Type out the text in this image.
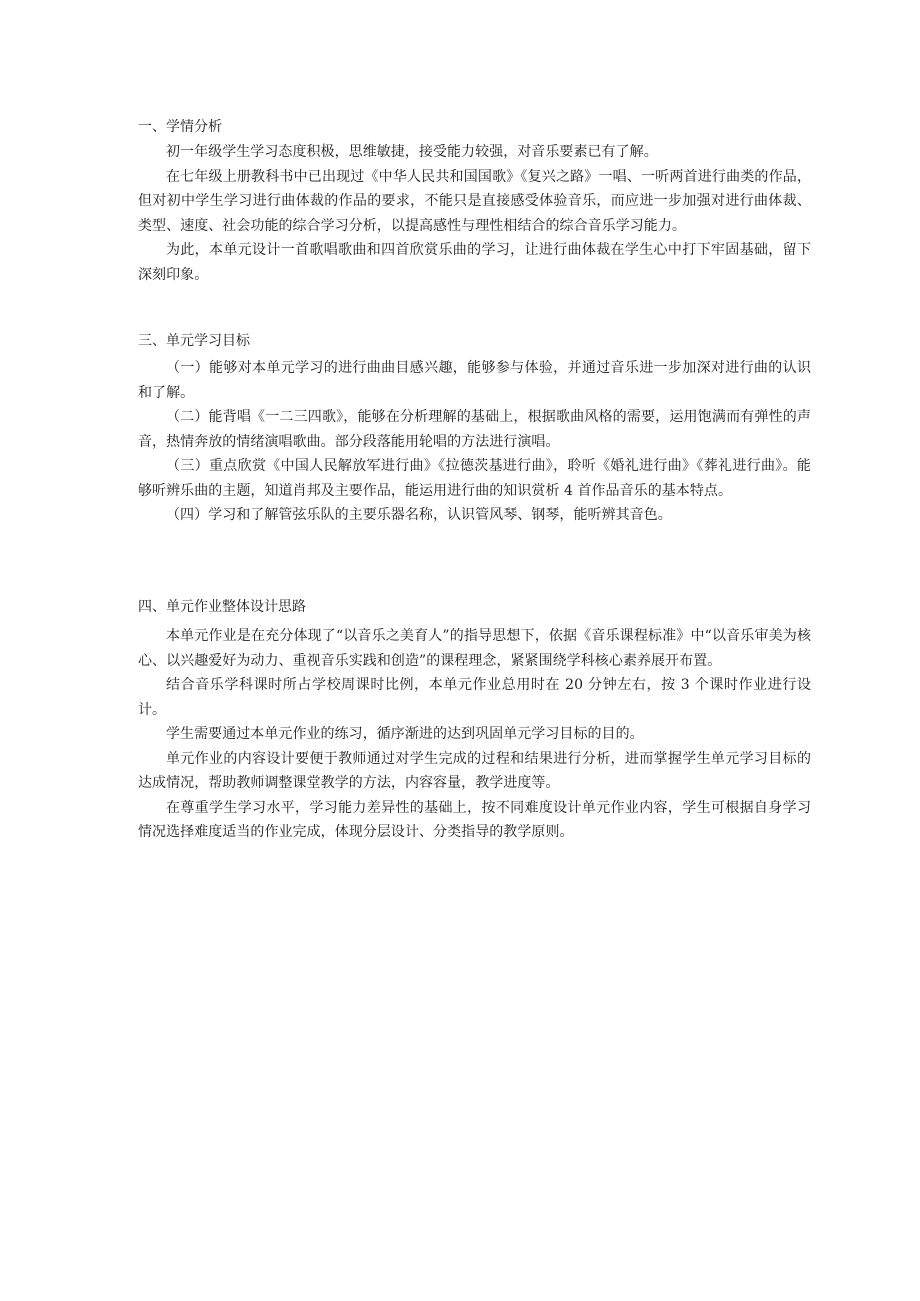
一、学情分析

初一年级学生学习态度积极，思维敏捷，接受能力较强，对音乐要素已有了解。

在七年级上册教科书中已出现过《中华人民共和国国歌》《复兴之路》一唱、一听两首进行曲类的作品，但对初中学生学习进行曲体裁的作品的要求，不能只是直接感受体验音乐，而应进一步加强对进行曲体裁、类型、速度、社会功能的综合学习分析，以提高感性与理性相结合的综合音乐学习能力。

为此，本单元设计一首歌唱歌曲和四首欣赏乐曲的学习，让进行曲体裁在学生心中打下牢固基础，留下深刻印象。

三、单元学习目标

（一）能够对本单元学习的进行曲曲目感兴趣，能够参与体验，并通过音乐进一步加深对进行曲的认识和了解。

（二）能背唱《一二三四歌》，能够在分析理解的基础上，根据歌曲风格的需要，运用饱满而有弹性的声音，热情奔放的情绪演唱歌曲。部分段落能用轮唱的方法进行演唱。

（三）重点欣赏《中国人民解放军进行曲》《拉德茨基进行曲》，聆听《婚礼进行曲》《葬礼进行曲》。能够听辨乐曲的主题，知道肖邦及主要作品，能运用进行曲的知识赏析 4 首作品音乐的基本特点。

（四）学习和了解管弦乐队的主要乐器名称，认识管风琴、钢琴，能听辨其音色。

四、单元作业整体设计思路

本单元作业是在充分体现了“以音乐之美育人”的指导思想下，依据《音乐课程标准》中“以音乐审美为核心、以兴趣爱好为动力、重视音乐实践和创造”的课程理念，紧紧围绕学科核心素养展开布置。

结合音乐学科课时所占学校周课时比例，本单元作业总用时在 20 分钟左右，按 3 个课时作业进行设计。

学生需要通过本单元作业的练习，循序渐进的达到巩固单元学习目标的目的。

单元作业的内容设计要便于教师通过对学生完成的过程和结果进行分析，进而掌握学生单元学习目标的达成情况，帮助教师调整课堂教学的方法，内容容量，教学进度等。

在尊重学生学习水平，学习能力差异性的基础上，按不同难度设计单元作业内容，学生可根据自身学习情况选择难度适当的作业完成，体现分层设计、分类指导的教学原则。
